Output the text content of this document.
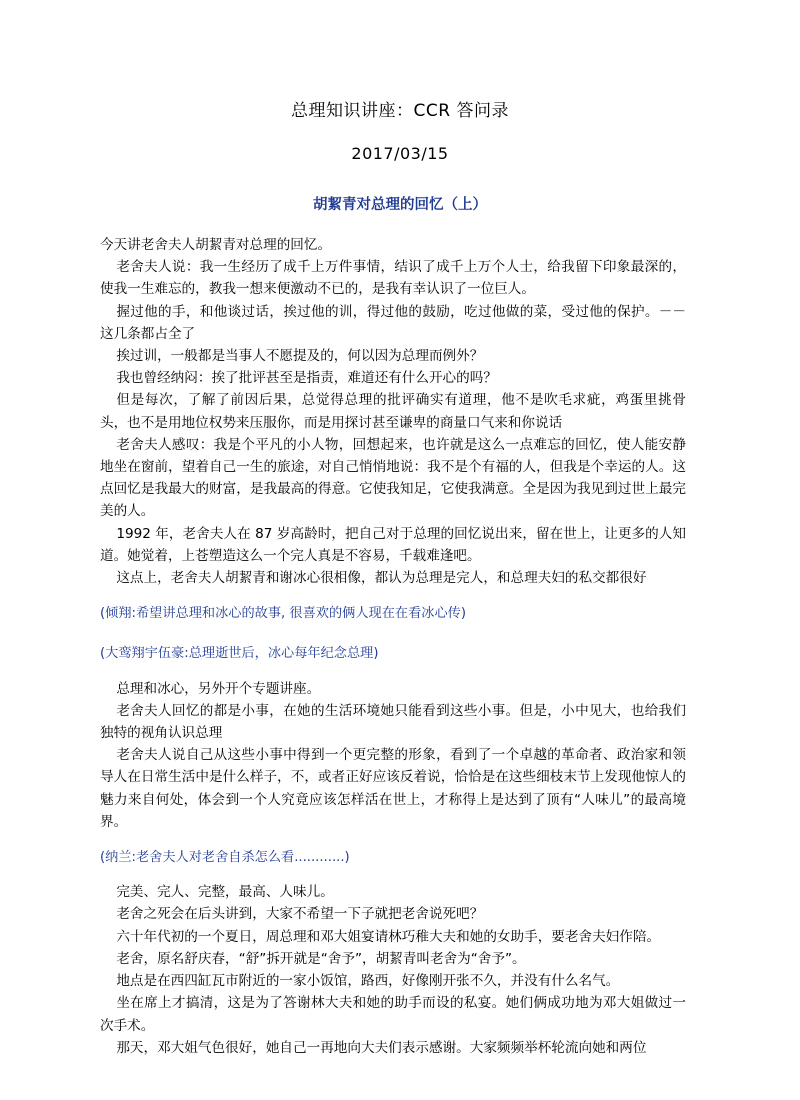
总理知识讲座：CCR 答问录
2017/03/15
胡絜青对总理的回忆（上）

今天讲老舍夫人胡絜青对总理的回忆。

老舍夫人说：我一生经历了成千上万件事情，结识了成千上万个人士，给我留下印象最深的，使我一生难忘的，教我一想来便激动不已的，是我有幸认识了一位巨人。

握过他的手，和他谈过话，挨过他的训，得过他的鼓励，吃过他做的菜，受过他的保护。－－这几条都占全了

挨过训，一般都是当事人不愿提及的，何以因为总理而例外？

我也曾经纳闷：挨了批评甚至是指责，难道还有什么开心的吗？

但是每次，了解了前因后果，总觉得总理的批评确实有道理，他不是吹毛求疵，鸡蛋里挑骨头，也不是用地位权势来压服你，而是用探讨甚至谦卑的商量口气来和你说话

老舍夫人感叹：我是个平凡的小人物，回想起来，也许就是这么一点难忘的回忆，使人能安静地坐在窗前，望着自己一生的旅途，对自己悄悄地说：我不是个有福的人，但我是个幸运的人。这点回忆是我最大的财富，是我最高的得意。它使我知足，它使我满意。全是因为我见到过世上最完美的人。

1992 年，老舍夫人在 87 岁高龄时，把自己对于总理的回忆说出来，留在世上，让更多的人知道。她觉着，上苍塑造这么一个完人真是不容易，千载难逢吧。

这点上，老舍夫人胡絜青和谢冰心很相像，都认为总理是完人，和总理夫妇的私交都很好

(倾翔:希望讲总理和冰心的故事, 很喜欢的俩人现在在看冰心传)

(大鸾翔宇伍豪:总理逝世后，冰心每年纪念总理)

总理和冰心，另外开个专题讲座。

老舍夫人回忆的都是小事，在她的生活环境她只能看到这些小事。但是，小中见大，也给我们独特的视角认识总理

老舍夫人说自己从这些小事中得到一个更完整的形象，看到了一个卓越的革命者、政治家和领导人在日常生活中是什么样子，不，或者正好应该反着说，恰恰是在这些细枝末节上发现他惊人的魅力来自何处，体会到一个人究竟应该怎样活在世上，才称得上是达到了顶有“人味儿”的最高境界。

(纳兰:老舍夫人对老舍自杀怎么看............)

完美、完人、完整，最高、人味儿。

老舍之死会在后头讲到，大家不希望一下子就把老舍说死吧？

六十年代初的一个夏日，周总理和邓大姐宴请林巧稚大夫和她的女助手，要老舍夫妇作陪。

老舍，原名舒庆春，“舒”拆开就是“舍予”，胡絜青叫老舍为“舍予”。

地点是在西四缸瓦市附近的一家小饭馆，路西，好像刚开张不久，并没有什么名气。

坐在席上才搞清，这是为了答谢林大夫和她的助手而设的私宴。她们俩成功地为邓大姐做过一次手术。

那天，邓大姐气色很好，她自己一再地向大夫们表示感谢。大家频频举杯轮流向她和两位
